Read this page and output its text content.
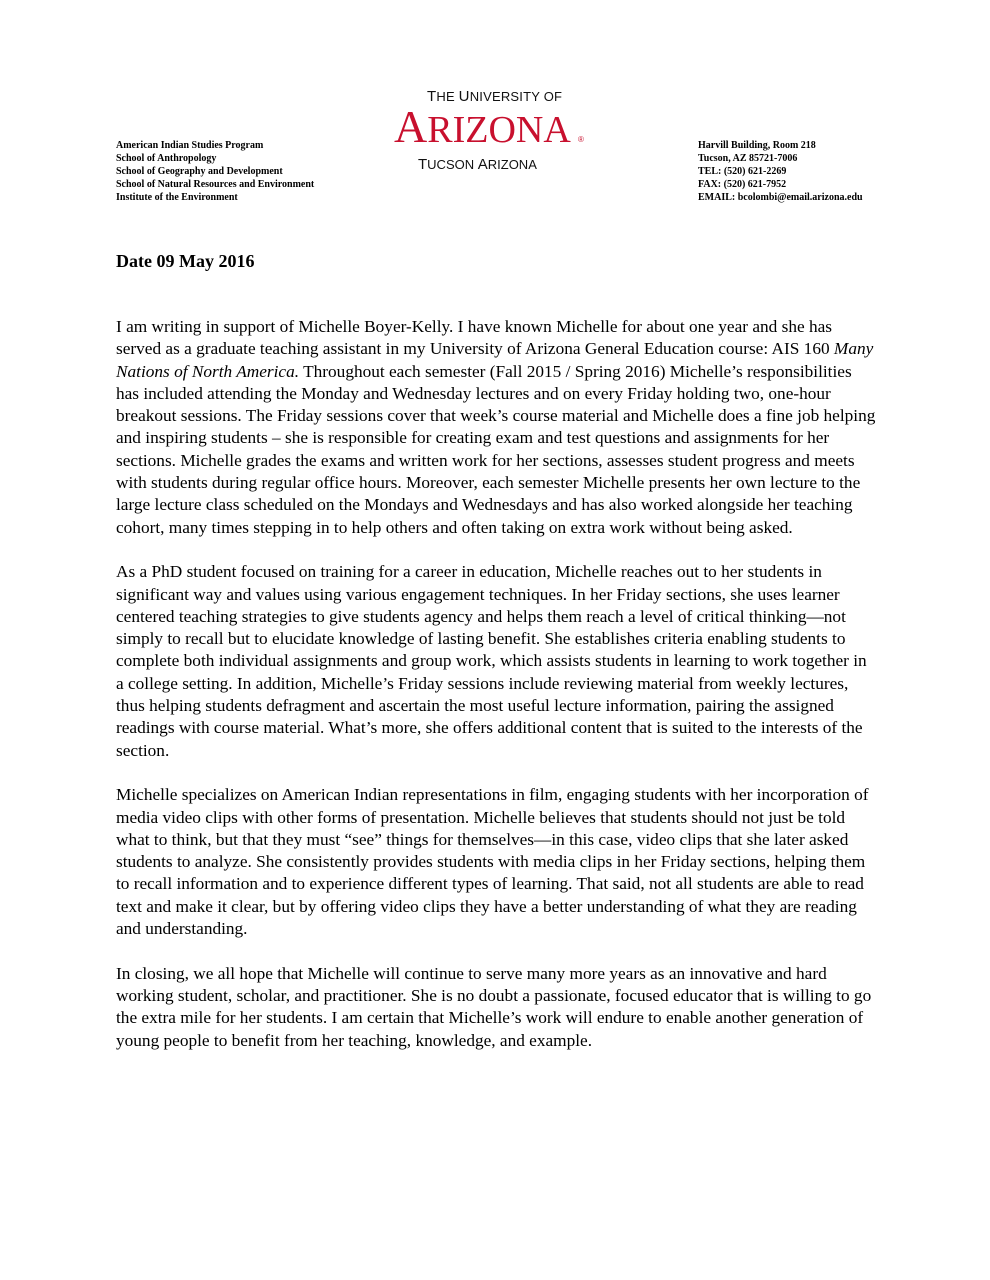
American Indian Studies Program
School of Anthropology
School of Geography and Development
School of Natural Resources and Environment
Institute of the Environment
THE UNIVERSITY OF
ARIZONA ®
TUCSON ARIZONA
Harvill Building, Room 218
Tucson, AZ 85721-7006
TEL: (520) 621-2269
FAX: (520) 621-7952
EMAIL: bcolombi@email.arizona.edu
Date 09 May 2016

I am writing in support of Michelle Boyer-Kelly. I have known Michelle for about one year and she has served as a graduate teaching assistant in my University of Arizona General Education course: AIS 160 Many Nations of North America. Throughout each semester (Fall 2015 / Spring 2016) Michelle’s responsibilities has included attending the Monday and Wednesday lectures and on every Friday holding two, one-hour breakout sessions. The Friday sessions cover that week’s course material and Michelle does a fine job helping and inspiring students – she is responsible for creating exam and test questions and assignments for her sections. Michelle grades the exams and written work for her sections, assesses student progress and meets with students during regular office hours. Moreover, each semester Michelle presents her own lecture to the large lecture class scheduled on the Mondays and Wednesdays and has also worked alongside her teaching cohort, many times stepping in to help others and often taking on extra work without being asked.

As a PhD student focused on training for a career in education, Michelle reaches out to her students in significant way and values using various engagement techniques. In her Friday sections, she uses learner centered teaching strategies to give students agency and helps them reach a level of critical thinking—not simply to recall but to elucidate knowledge of lasting benefit. She establishes criteria enabling students to complete both individual assignments and group work, which assists students in learning to work together in a college setting. In addition, Michelle’s Friday sessions include reviewing material from weekly lectures, thus helping students defragment and ascertain the most useful lecture information, pairing the assigned readings with course material. What’s more, she offers additional content that is suited to the interests of the section.

Michelle specializes on American Indian representations in film, engaging students with her incorporation of media video clips with other forms of presentation. Michelle believes that students should not just be told what to think, but that they must “see” things for themselves—in this case, video clips that she later asked students to analyze. She consistently provides students with media clips in her Friday sections, helping them to recall information and to experience different types of learning. That said, not all students are able to read text and make it clear, but by offering video clips they have a better understanding of what they are reading and understanding.

In closing, we all hope that Michelle will continue to serve many more years as an innovative and hard working student, scholar, and practitioner. She is no doubt a passionate, focused educator that is willing to go the extra mile for her students. I am certain that Michelle’s work will endure to enable another generation of young people to benefit from her teaching, knowledge, and example.
